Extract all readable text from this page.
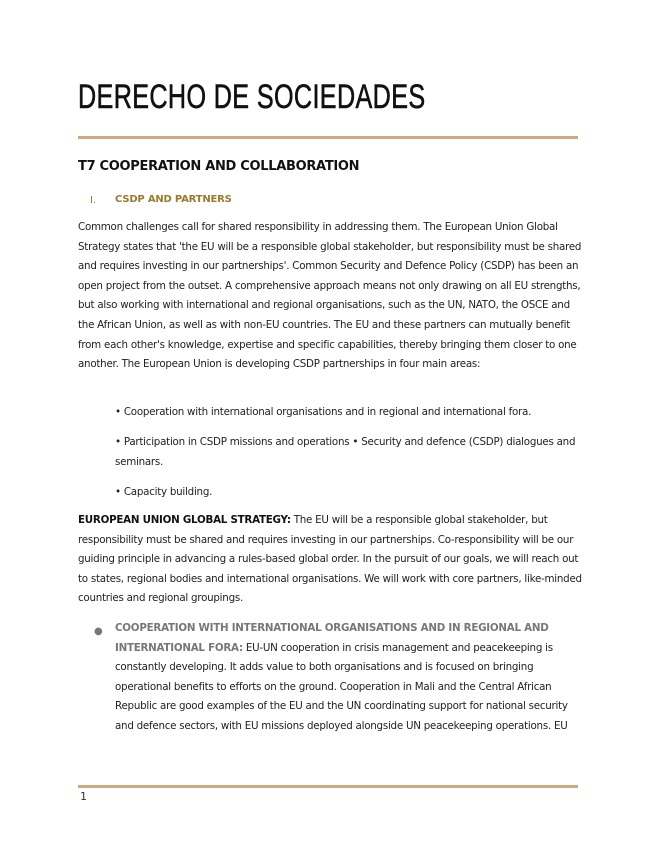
DERECHO DE SOCIEDADES
T7 COOPERATION AND COLLABORATION
I. CSDP AND PARTNERS
Common challenges call for shared responsibility in addressing them. The European Union Global Strategy states that 'the EU will be a responsible global stakeholder, but responsibility must be shared and requires investing in our partnerships'. Common Security and Defence Policy (CSDP) has been an open project from the outset. A comprehensive approach means not only drawing on all EU strengths, but also working with international and regional organisations, such as the UN, NATO, the OSCE and the African Union, as well as with non-EU countries. The EU and these partners can mutually benefit from each other's knowledge, expertise and specific capabilities, thereby bringing them closer to one another. The European Union is developing CSDP partnerships in four main areas:
• Cooperation with international organisations and in regional and international fora.
• Participation in CSDP missions and operations • Security and defence (CSDP) dialogues and seminars.
• Capacity building.
EUROPEAN UNION GLOBAL STRATEGY: The EU will be a responsible global stakeholder, but responsibility must be shared and requires investing in our partnerships. Co-responsibility will be our guiding principle in advancing a rules-based global order. In the pursuit of our goals, we will reach out to states, regional bodies and international organisations. We will work with core partners, like-minded countries and regional groupings.
● COOPERATION WITH INTERNATIONAL ORGANISATIONS AND IN REGIONAL AND INTERNATIONAL FORA: EU-UN cooperation in crisis management and peacekeeping is constantly developing. It adds value to both organisations and is focused on bringing operational benefits to efforts on the ground. Cooperation in Mali and the Central African Republic are good examples of the EU and the UN coordinating support for national security and defence sectors, with EU missions deployed alongside UN peacekeeping operations. EU
1
